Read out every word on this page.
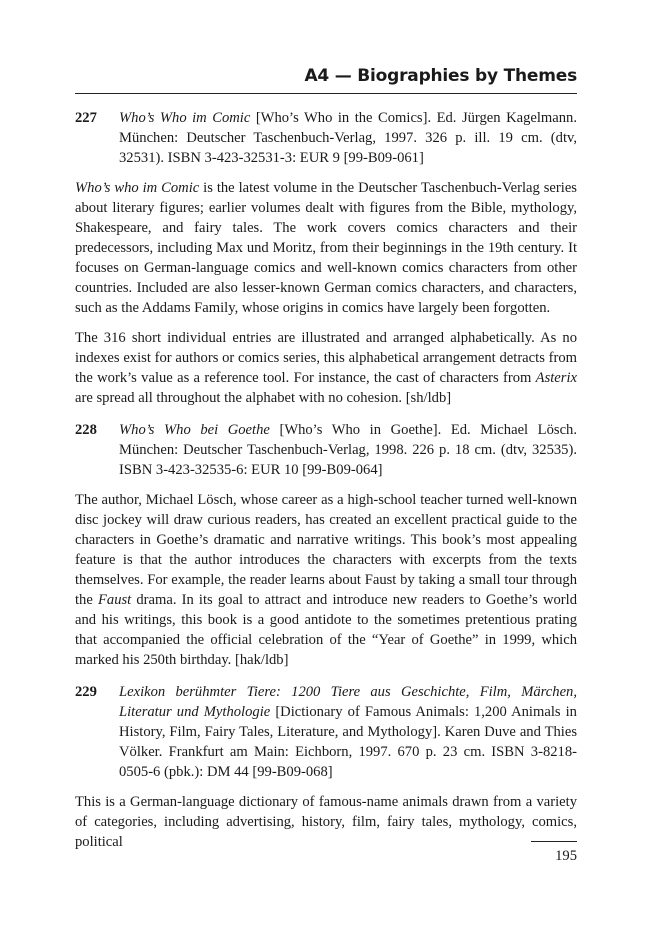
A4 — Biographies by Themes
227 Who’s Who im Comic [Who’s Who in the Comics]. Ed. Jürgen Kagelmann. München: Deutscher Taschenbuch-Verlag, 1997. 326 p. ill. 19 cm. (dtv, 32531). ISBN 3-423-32531-3: EUR 9 [99-B09-061]

Who’s who im Comic is the latest volume in the Deutscher Taschenbuch-Verlag series about literary figures; earlier volumes dealt with figures from the Bible, mythology, Shakespeare, and fairy tales. The work covers comics characters and their predecessors, including Max und Moritz, from their beginnings in the 19th century. It focuses on German-language comics and well-known comics characters from other countries. Included are also lesser-known German comics characters, and characters, such as the Addams Family, whose origins in comics have largely been forgotten.

The 316 short individual entries are illustrated and arranged alphabetically. As no indexes exist for authors or comics series, this alphabetical arrangement detracts from the work’s value as a reference tool. For instance, the cast of characters from Asterix are spread all throughout the alphabet with no cohesion. [sh/ldb]

228 Who’s Who bei Goethe [Who’s Who in Goethe]. Ed. Michael Lösch. München: Deutscher Taschenbuch-Verlag, 1998. 226 p. 18 cm. (dtv, 32535). ISBN 3-423-32535-6: EUR 10 [99-B09-064]

The author, Michael Lösch, whose career as a high-school teacher turned well-known disc jockey will draw curious readers, has created an excellent practical guide to the characters in Goethe’s dramatic and narrative writings. This book’s most appealing feature is that the author introduces the characters with excerpts from the texts themselves. For example, the reader learns about Faust by taking a small tour through the Faust drama. In its goal to attract and introduce new readers to Goethe’s world and his writings, this book is a good antidote to the sometimes pretentious prating that accompanied the official celebration of the “Year of Goethe” in 1999, which marked his 250th birthday. [hak/ldb]

229 Lexikon berühmter Tiere: 1200 Tiere aus Geschichte, Film, Märchen, Literatur und Mythologie [Dictionary of Famous Animals: 1,200 Animals in History, Film, Fairy Tales, Literature, and Mythology]. Karen Duve and Thies Völker. Frankfurt am Main: Eichborn, 1997. 670 p. 23 cm. ISBN 3-8218-0505-6 (pbk.): DM 44 [99-B09-068]

This is a German-language dictionary of famous-name animals drawn from a variety of categories, including advertising, history, film, fairy tales, mythology, comics, political

195
